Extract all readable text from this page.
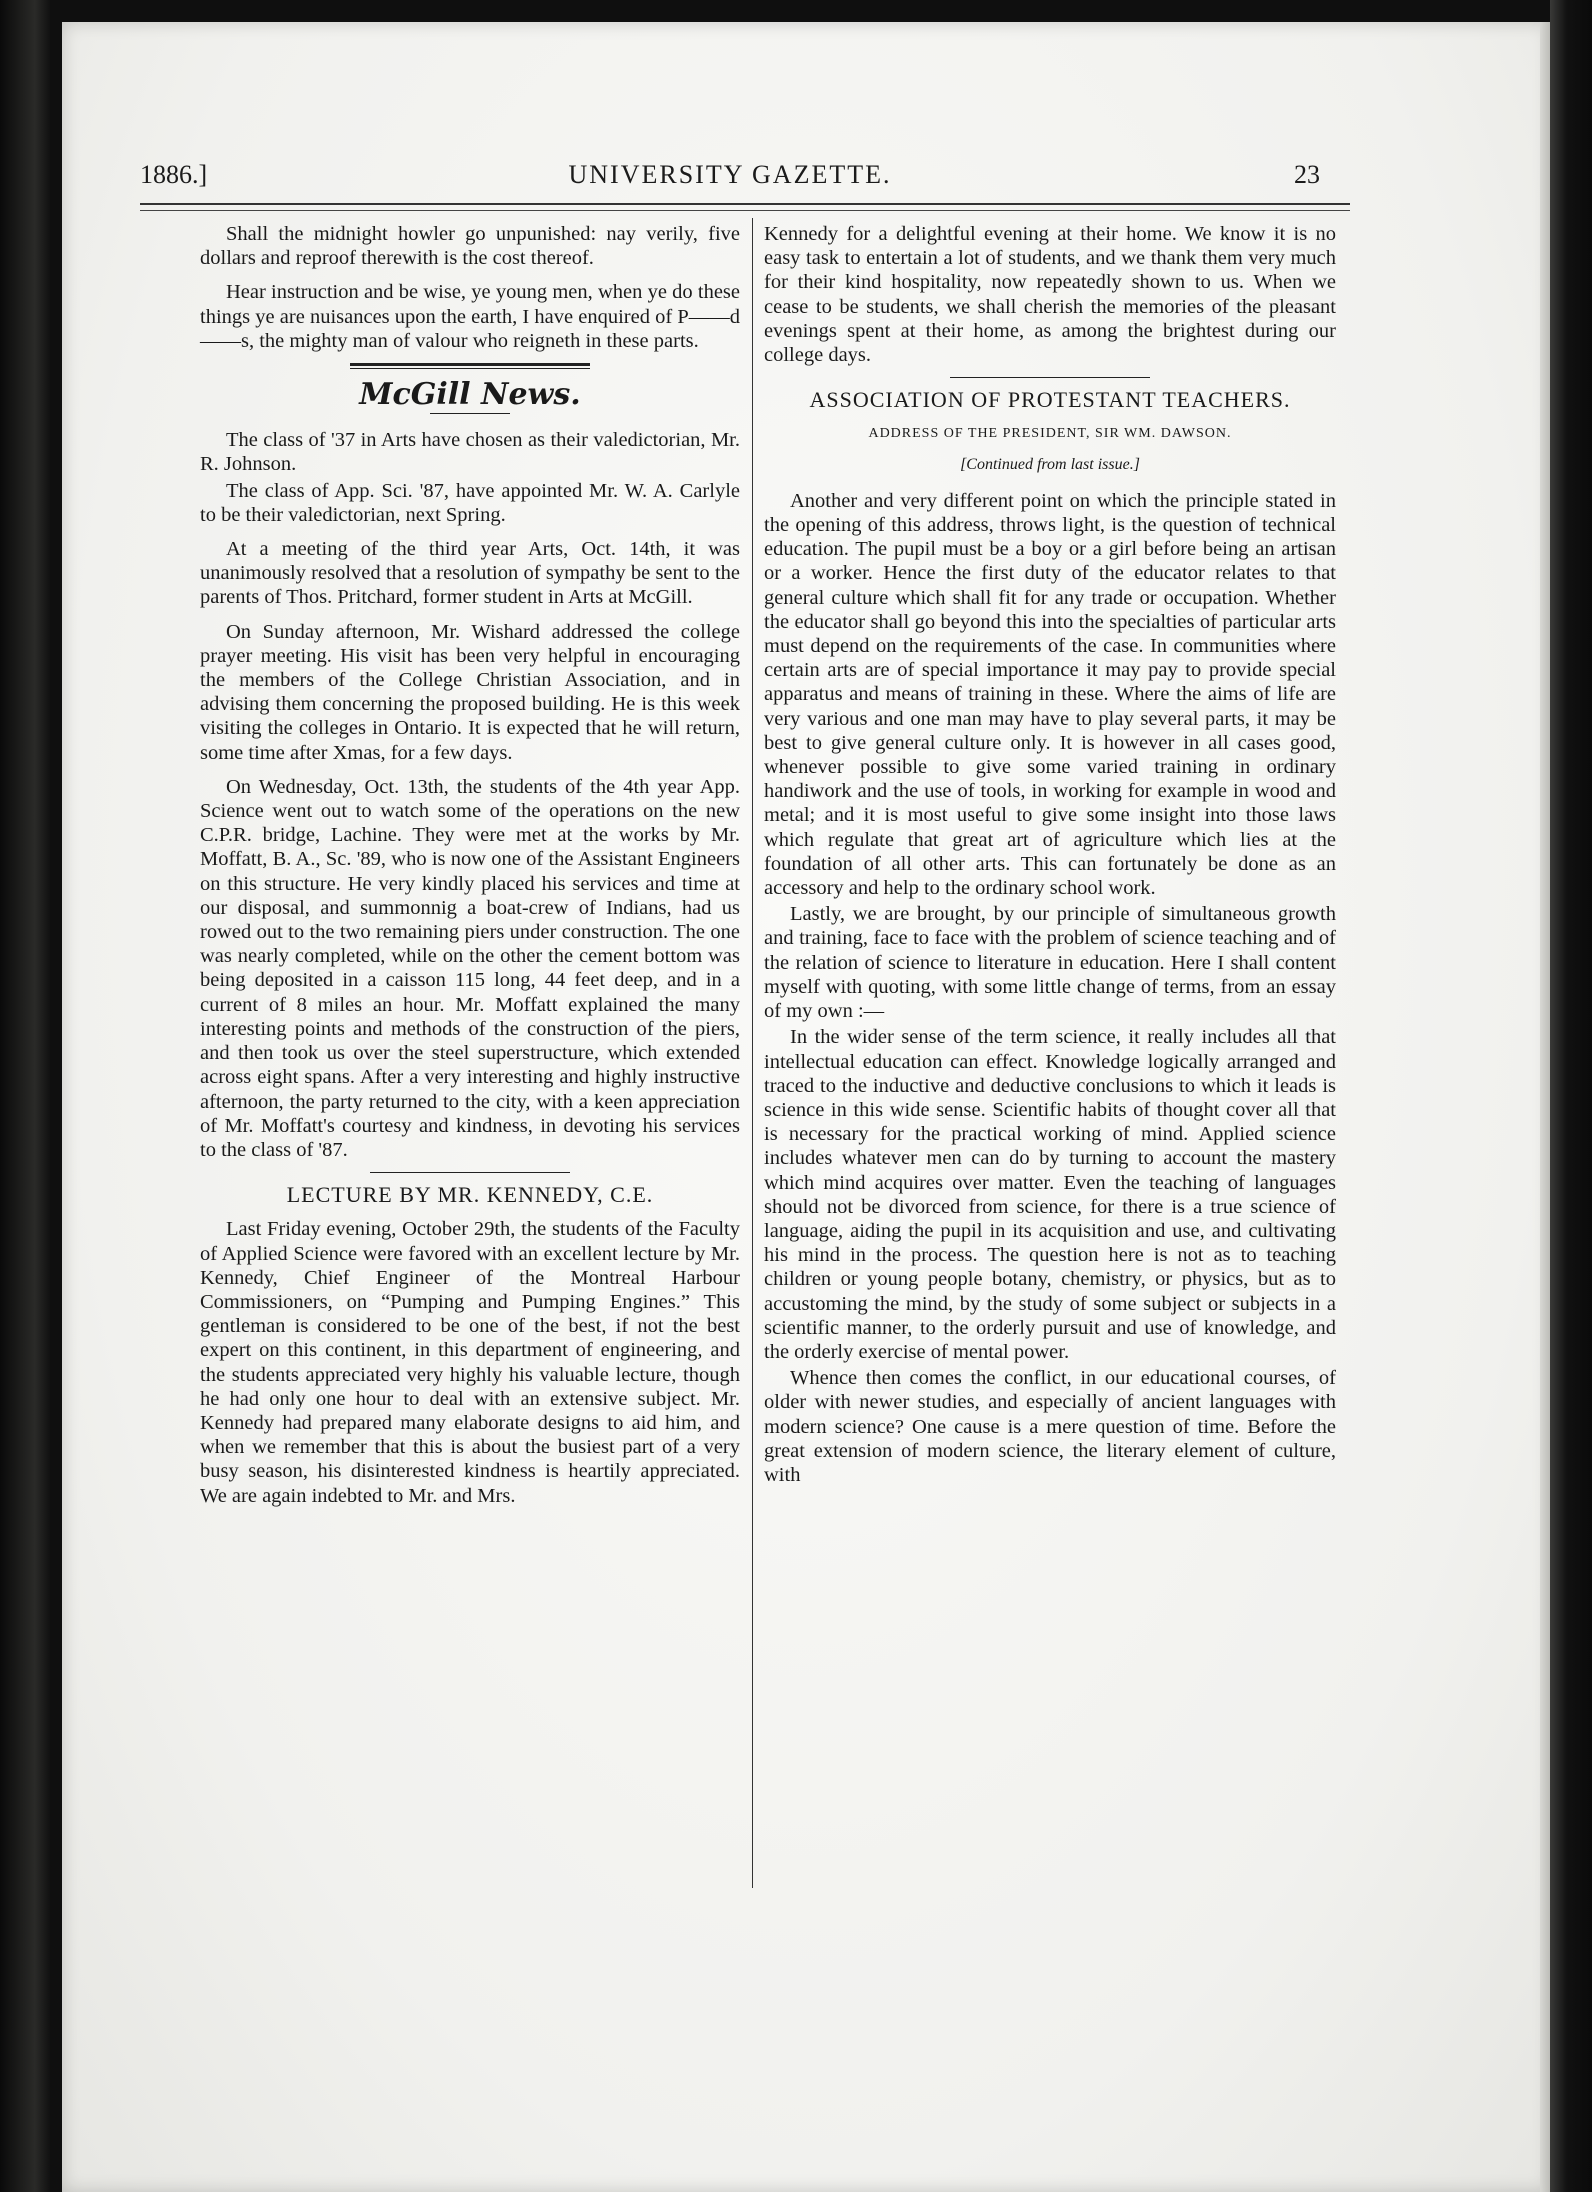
UNIVERSITY GAZETTE.
1886.]	23

Shall the midnight howler go unpunished: nay verily, five dollars and reproof therewith is the cost thereof.

Hear instruction and be wise, ye young men, when ye do these things ye are nuisances upon the earth, I have enquired of P——d——s, the mighty man of valour who reigneth in these parts.

McGill News.

The class of '37 in Arts have chosen as their valedictorian, Mr. R. Johnson.

The class of App. Sci. '87, have appointed Mr. W. A. Carlyle to be their valedictorian, next Spring.

At a meeting of the third year Arts, Oct. 14th, it was unanimously resolved that a resolution of sympathy be sent to the parents of Thos. Pritchard, former student in Arts at McGill.

On Sunday afternoon, Mr. Wishard addressed the college prayer meeting. His visit has been very helpful in encouraging the members of the College Christian Association, and in advising them concerning the proposed building. He is this week visiting the colleges in Ontario. It is expected that he will return, some time after Xmas, for a few days.

On Wednesday, Oct. 13th, the students of the 4th year App. Science went out to watch some of the operations on the new C.P.R. bridge, Lachine. They were met at the works by Mr. Moffatt, B. A., Sc. '89, who is now one of the Assistant Engineers on this structure. He very kindly placed his services and time at our disposal, and summonnig a boat-crew of Indians, had us rowed out to the two remaining piers under construction. The one was nearly completed, while on the other the cement bottom was being deposited in a caisson 115 long, 44 feet deep, and in a current of 8 miles an hour. Mr. Moffatt explained the many interesting points and methods of the construction of the piers, and then took us over the steel superstructure, which extended across eight spans. After a very interesting and highly instructive afternoon, the party returned to the city, with a keen appreciation of Mr. Moffatt's courtesy and kindness, in devoting his services to the class of '87.

LECTURE BY MR. KENNEDY, C.E.

Last Friday evening, October 29th, the students of the Faculty of Applied Science were favored with an excellent lecture by Mr. Kennedy, Chief Engineer of the Montreal Harbour Commissioners, on “Pumping and Pumping Engines.” This gentleman is considered to be one of the best, if not the best expert on this continent, in this department of engineering, and the students appreciated very highly his valuable lecture, though he had only one hour to deal with an extensive subject. Mr. Kennedy had prepared many elaborate designs to aid him, and when we remember that this is about the busiest part of a very busy season, his disinterested kindness is heartily appreciated. We are again indebted to Mr. and Mrs.

Kennedy for a delightful evening at their home. We know it is no easy task to entertain a lot of students, and we thank them very much for their kind hospitality, now repeatedly shown to us. When we cease to be students, we shall cherish the memories of the pleasant evenings spent at their home, as among the brightest during our college days.

ASSOCIATION OF PROTESTANT TEACHERS.
ADDRESS OF THE PRESIDENT, SIR WM. DAWSON.
[Continued from last issue.]

Another and very different point on which the principle stated in the opening of this address, throws light, is the question of technical education. The pupil must be a boy or a girl before being an artisan or a worker. Hence the first duty of the educator relates to that general culture which shall fit for any trade or occupation. Whether the educator shall go beyond this into the specialties of particular arts must depend on the requirements of the case. In communities where certain arts are of special importance it may pay to provide special apparatus and means of training in these. Where the aims of life are very various and one man may have to play several parts, it may be best to give general culture only. It is however in all cases good, whenever possible to give some varied training in ordinary handiwork and the use of tools, in working for example in wood and metal; and it is most useful to give some insight into those laws which regulate that great art of agriculture which lies at the foundation of all other arts. This can fortunately be done as an accessory and help to the ordinary school work.

Lastly, we are brought, by our principle of simultaneous growth and training, face to face with the problem of science teaching and of the relation of science to literature in education. Here I shall content myself with quoting, with some little change of terms, from an essay of my own :—

In the wider sense of the term science, it really includes all that intellectual education can effect. Knowledge logically arranged and traced to the inductive and deductive conclusions to which it leads is science in this wide sense. Scientific habits of thought cover all that is necessary for the practical working of mind. Applied science includes whatever men can do by turning to account the mastery which mind acquires over matter. Even the teaching of languages should not be divorced from science, for there is a true science of language, aiding the pupil in its acquisition and use, and cultivating his mind in the process. The question here is not as to teaching children or young people botany, chemistry, or physics, but as to accustoming the mind, by the study of some subject or subjects in a scientific manner, to the orderly pursuit and use of knowledge, and the orderly exercise of mental power.

Whence then comes the conflict, in our educational courses, of older with newer studies, and especially of ancient languages with modern science? One cause is a mere question of time. Before the great extension of modern science, the literary element of culture, with
